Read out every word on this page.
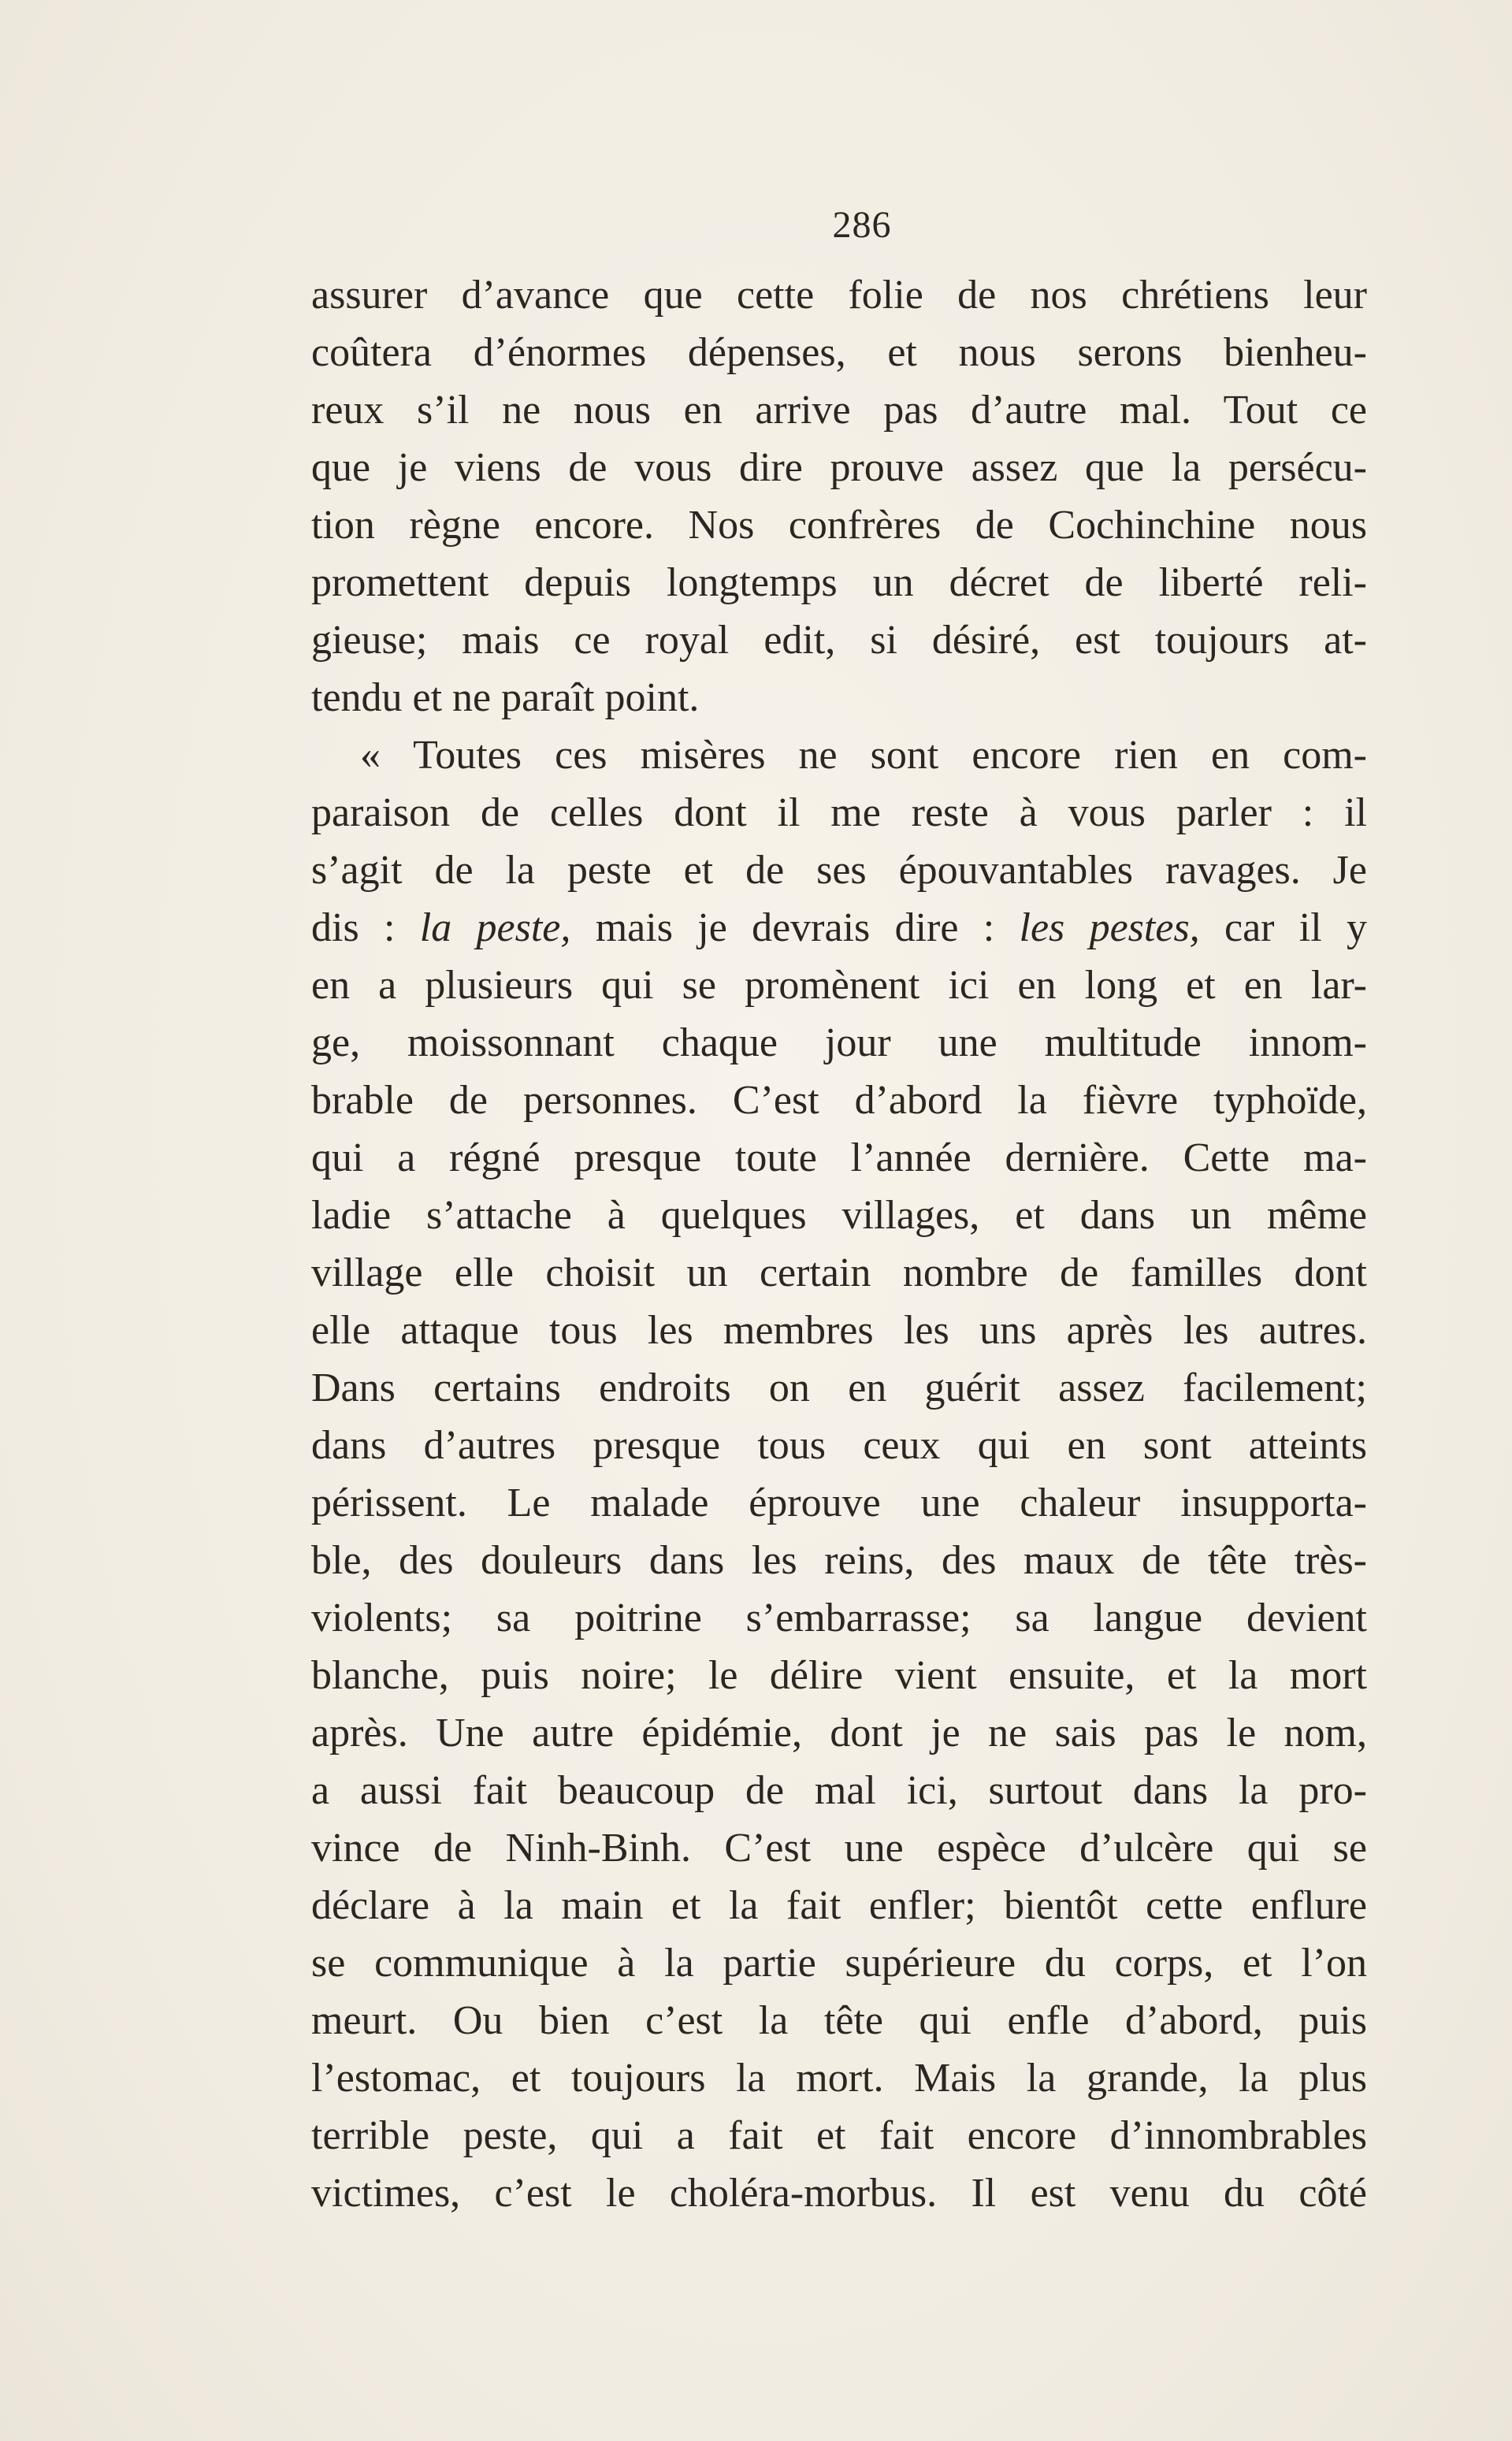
286
assurer d’avance que cette folie de nos chrétiens leur
coûtera d’énormes dépenses, et nous serons bienheu-
reux s’il ne nous en arrive pas d’autre mal. Tout ce
que je viens de vous dire prouve assez que la persécu-
tion règne encore. Nos confrères de Cochinchine nous
promettent depuis longtemps un décret de liberté reli-
gieuse; mais ce royal edit, si désiré, est toujours at-
tendu et ne paraît point.
« Toutes ces misères ne sont encore rien en com-
paraison de celles dont il me reste à vous parler : il
s’agit de la peste et de ses épouvantables ravages. Je
dis : la peste, mais je devrais dire : les pestes, car il y
en a plusieurs qui se promènent ici en long et en lar-
ge, moissonnant chaque jour une multitude innom-
brable de personnes. C’est d’abord la fièvre typhoïde,
qui a régné presque toute l’année dernière. Cette ma-
ladie s’attache à quelques villages, et dans un même
village elle choisit un certain nombre de familles dont
elle attaque tous les membres les uns après les autres.
Dans certains endroits on en guérit assez facilement;
dans d’autres presque tous ceux qui en sont atteints
périssent. Le malade éprouve une chaleur insupporta-
ble, des douleurs dans les reins, des maux de tête très-
violents; sa poitrine s’embarrasse; sa langue devient
blanche, puis noire; le délire vient ensuite, et la mort
après. Une autre épidémie, dont je ne sais pas le nom,
a aussi fait beaucoup de mal ici, surtout dans la pro-
vince de Ninh-Binh. C’est une espèce d’ulcère qui se
déclare à la main et la fait enfler; bientôt cette enflure
se communique à la partie supérieure du corps, et l’on
meurt. Ou bien c’est la tête qui enfle d’abord, puis
l’estomac, et toujours la mort. Mais la grande, la plus
terrible peste, qui a fait et fait encore d’innombrables
victimes, c’est le choléra-morbus. Il est venu du côté
